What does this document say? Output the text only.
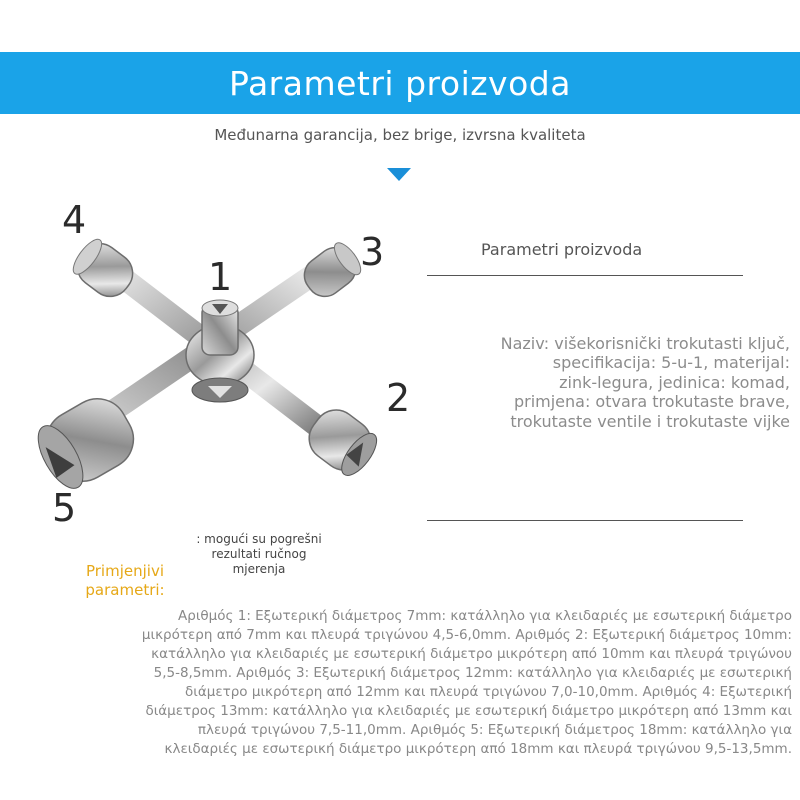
Parametri proizvoda
Međunarna garancija, bez brige, izvrsna kvaliteta
4
1
3
2
5
Parametri proizvoda
Naziv: višekorisnički trokutasti ključ,
specifikacija: 5-u-1, materijal:
zink-legura, jedinica: komad,
primjena: otvara trokutaste brave,
trokutaste ventile i trokutaste vijke
: mogući su pogrešni
rezultati ručnog
mjerenja
Primjenjivi
parametri:
Αριθμός 1: Εξωτερική διάμετρος 7mm: κατάλληλο για κλειδαριές με εσωτερική διάμετρο
μικρότερη από 7mm και πλευρά τριγώνου 4,5-6,0mm. Αριθμός 2: Εξωτερική διάμετρος 10mm:
κατάλληλο για κλειδαριές με εσωτερική διάμετρο μικρότερη από 10mm και πλευρά τριγώνου
5,5-8,5mm. Αριθμός 3: Εξωτερική διάμετρος 12mm: κατάλληλο για κλειδαριές με εσωτερική
διάμετρο μικρότερη από 12mm και πλευρά τριγώνου 7,0-10,0mm. Αριθμός 4: Εξωτερική
διάμετρος 13mm: κατάλληλο για κλειδαριές με εσωτερική διάμετρο μικρότερη από 13mm και
πλευρά τριγώνου 7,5-11,0mm. Αριθμός 5: Εξωτερική διάμετρος 18mm: κατάλληλο για
κλειδαριές με εσωτερική διάμετρο μικρότερη από 18mm και πλευρά τριγώνου 9,5-13,5mm.
